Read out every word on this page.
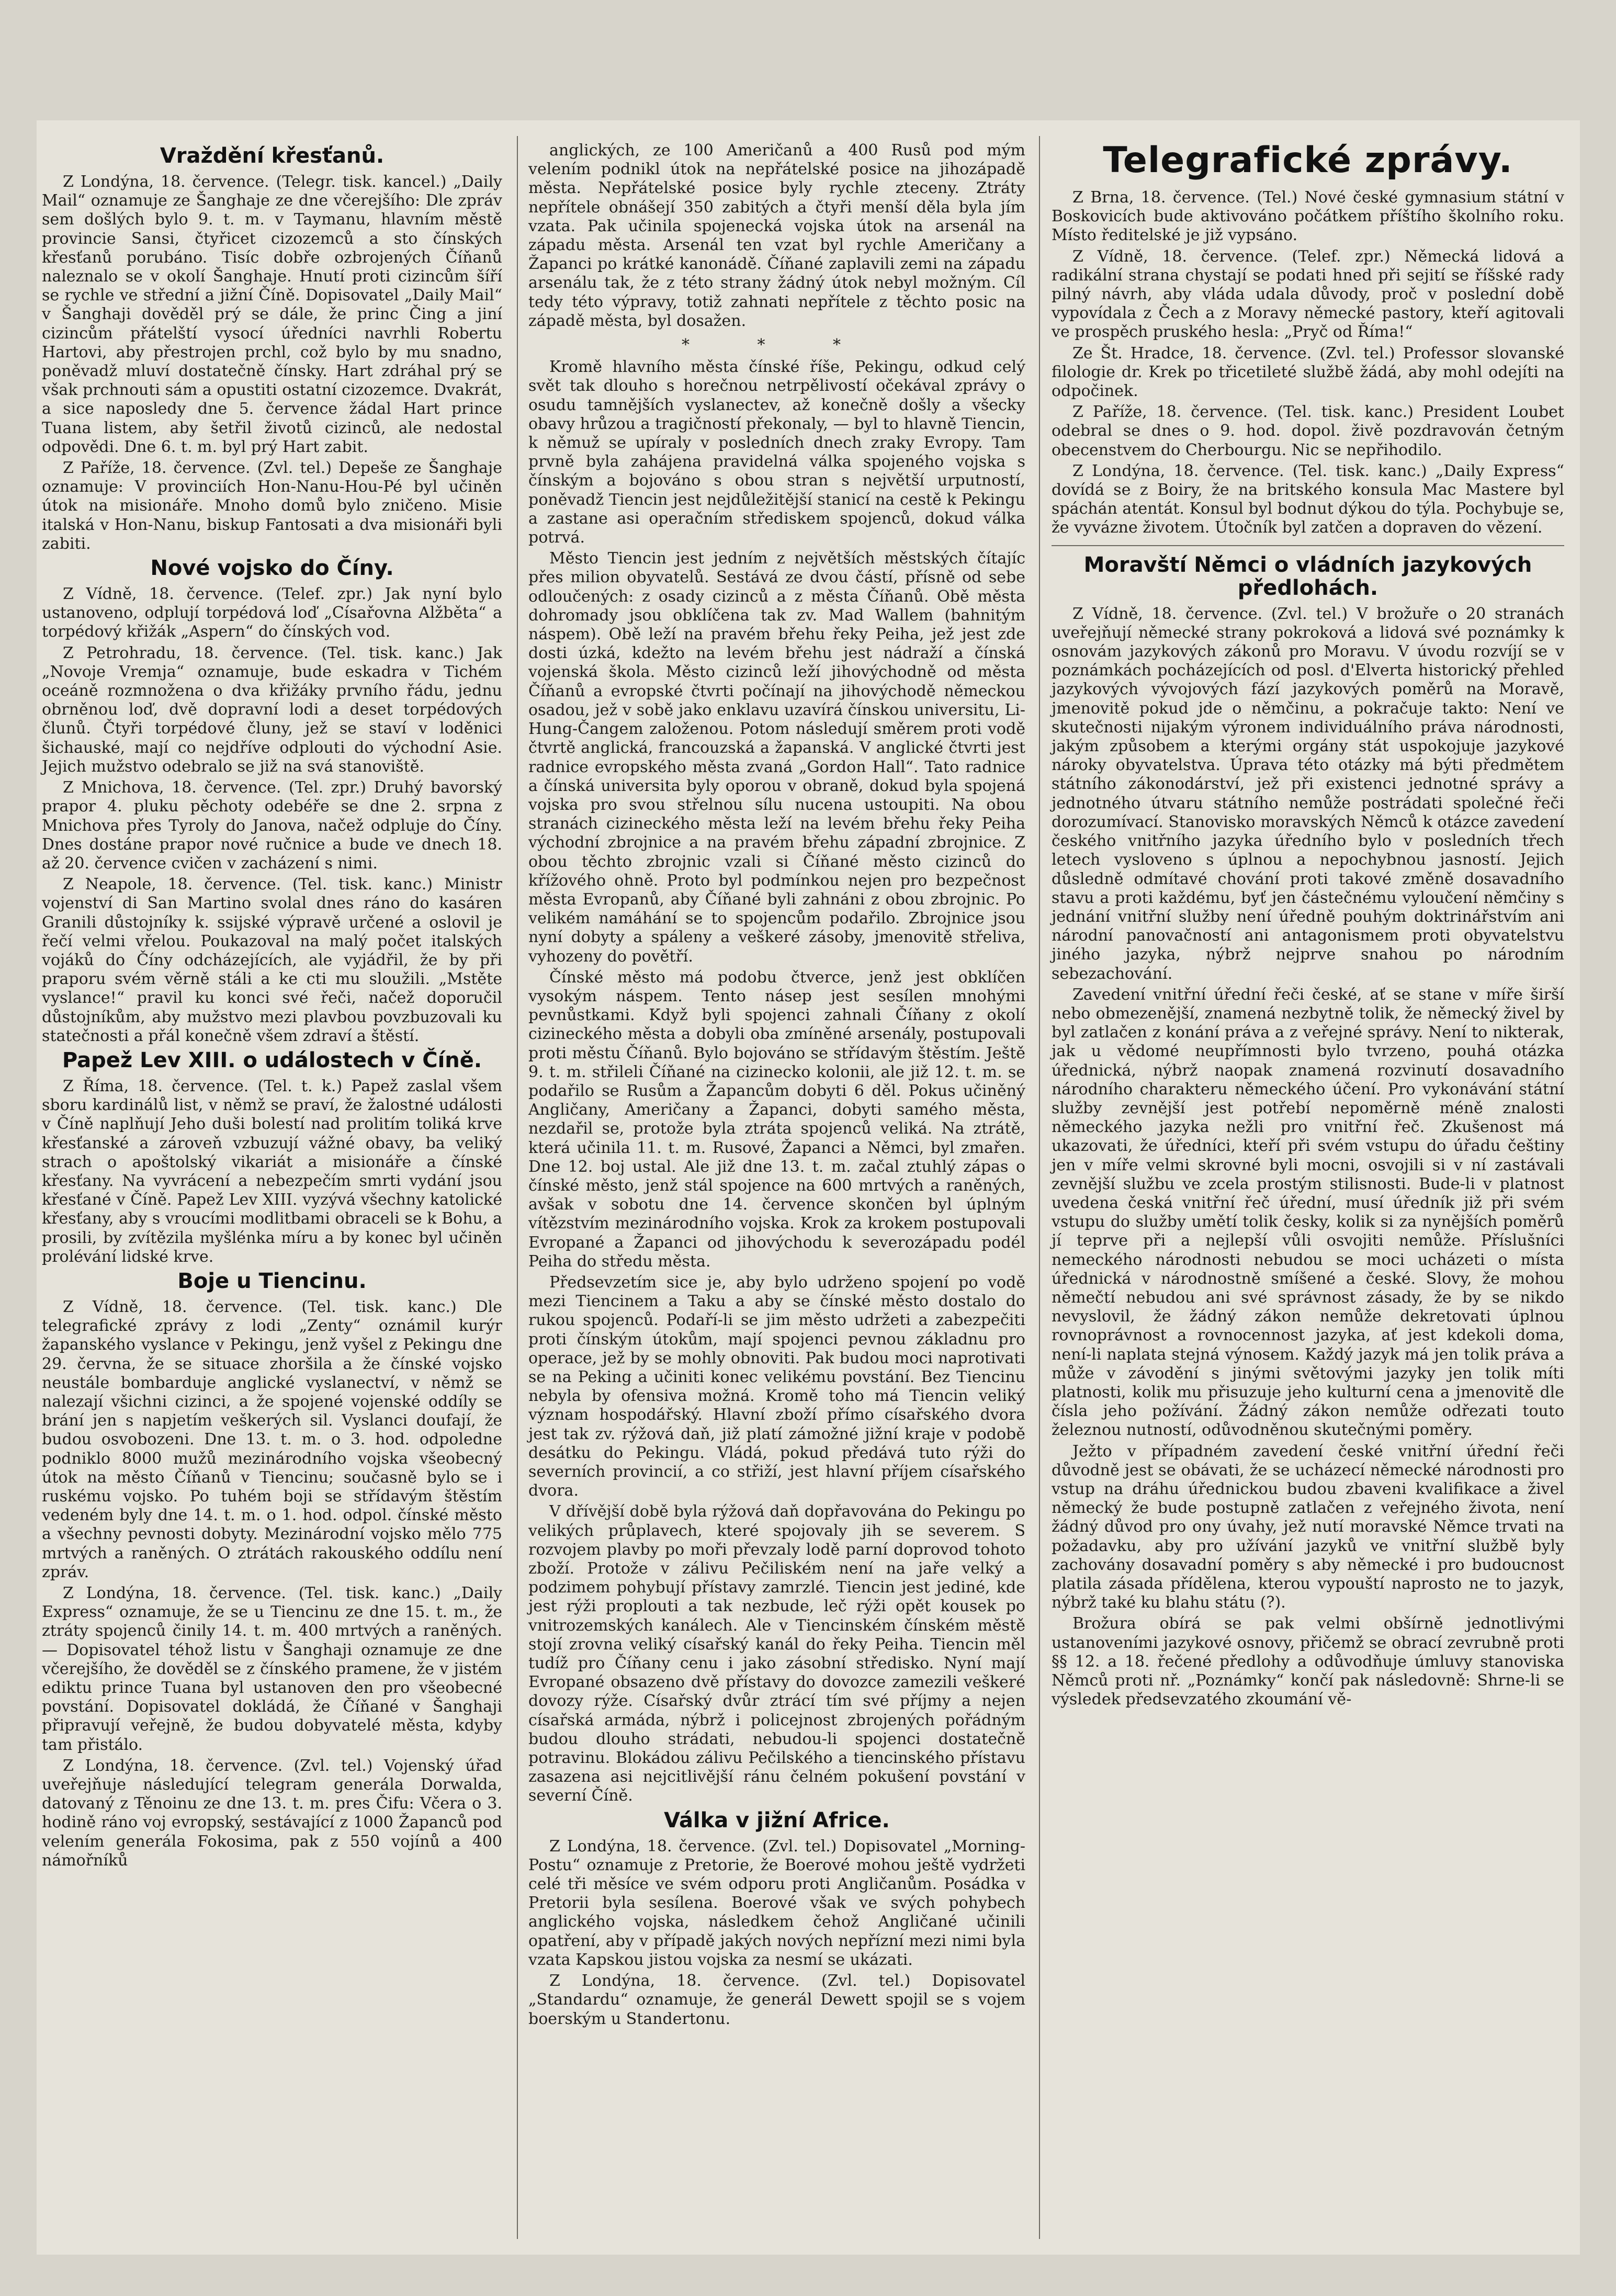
Vraždění křesťanů.

Z Londýna, 18. července. (Telegr. tisk. kancel.) „Daily Mail“ oznamuje ze Šanghaje ze dne včerejšího: Dle zpráv sem došlých bylo 9. t. m. v Taymanu, hlavním městě provincie Sansi, čtyřicet cizozemců a sto čínských křesťanů porubáno. Tisíc dobře ozbrojených Číňanů naleznalo se v okolí Šanghaje. Hnutí proti cizincům šíří se rychle ve střední a jižní Číně. Dopisovatel „Daily Mail“ v Šanghaji dověděl prý se dále, že princ Čing a jiní cizincům přátelští vysocí úředníci navrhli Robertu Hartovi, aby přestrojen prchl, což bylo by mu snadno, poněvadž mluví dostatečně čínsky. Hart zdráhal prý se však prchnouti sám a opustiti ostatní cizozemce. Dvakrát, a sice naposledy dne 5. července žádal Hart prince Tuana listem, aby šetřil životů cizinců, ale nedostal odpovědi. Dne 6. t. m. byl prý Hart zabit.

Z Paříže, 18. července. (Zvl. tel.) Depeše ze Šanghaje oznamuje: V provinciích Hon-Nanu-Hou-Pé byl učiněn útok na misionáře. Mnoho domů bylo zničeno. Misie italská v Hon-Nanu, biskup Fantosati a dva misionáři byli zabiti.

Nové vojsko do Číny.

Z Vídně, 18. července. (Telef. zpr.) Jak nyní bylo ustanoveno, odplují torpédová loď „Císařovna Alžběta“ a torpédový křižák „Aspern“ do čínských vod.

Z Petrohradu, 18. července. (Tel. tisk. kanc.) Jak „Novoje Vremja“ oznamuje, bude eskadra v Tichém oceáně rozmnožena o dva křižáky prvního řádu, jednu obrněnou loď, dvě dopravní lodi a deset torpédových člunů. Čtyři torpédové čluny, jež se staví v loděnici šichauské, mají co nejdříve odplouti do východní Asie. Jejich mužstvo odebralo se již na svá stanoviště.

Z Mnichova, 18. července. (Tel. zpr.) Druhý bavorský prapor 4. pluku pěchoty odebéře se dne 2. srpna z Mnichova přes Tyroly do Janova, načež odpluje do Číny. Dnes dostáne prapor nové ručnice a bude ve dnech 18. až 20. července cvičen v zacházení s nimi.

Z Neapole, 18. července. (Tel. tisk. kanc.) Ministr vojenství di San Martino svolal dnes ráno do kasáren Granili důstojníky k. ssijské výpravě určené a oslovil je řečí velmi vřelou. Poukazoval na malý počet italských vojáků do Číny odcházejících, ale vyjádřil, že by při praporu svém věrně stáli a ke cti mu sloužili. „Mstěte vyslance!“ pravil ku konci své řeči, načež doporučil důstojníkům, aby mužstvo mezi plavbou povzbuzovali ku statečnosti a přál konečně všem zdraví a štěstí.

Papež Lev XIII. o událostech v Číně.

Z Říma, 18. července. (Tel. t. k.) Papež zaslal všem sboru kardinálů list, v němž se praví, že žalostné události v Číně naplňují Jeho duši bolestí nad prolitím toliká krve křesťanské a zároveň vzbuzují vážné obavy, ba veliký strach o apoštolský vikariát a misionáře a čínské křesťany. Na vyvrácení a nebezpečím smrti vydání jsou křesťané v Číně. Papež Lev XIII. vyzývá všechny katolické křesťany, aby s vroucími modlitbami obraceli se k Bohu, a prosili, by zvítězila myšlénka míru a by konec byl učiněn prolévání lidské krve.

Boje u Tiencinu.

Z Vídně, 18. července. (Tel. tisk. kanc.) Dle telegrafické zprávy z lodi „Zenty“ oznámil kurýr žapanského vyslance v Pekingu, jenž vyšel z Pekingu dne 29. června, že se situace zhoršila a že čínské vojsko neustále bombarduje anglické vyslanectví, v němž se nalezají všichni cizinci, a že spojené vojenské oddíly se brání jen s napjetím veškerých sil. Vyslanci doufají, že budou osvobozeni. Dne 13. t. m. o 3. hod. odpoledne podniklo 8000 mužů mezinárodního vojska všeobecný útok na město Číňanů v Tiencinu; současně bylo se i ruskému vojsko. Po tuhém boji se střídavým štěstím vedeném byly dne 14. t. m. o 1. hod. odpol. čínské město a všechny pevnosti dobyty. Mezinárodní vojsko mělo 775 mrtvých a raněných. O ztrátách rakouského oddílu není zpráv.

Z Londýna, 18. července. (Tel. tisk. kanc.) „Daily Express“ oznamuje, že se u Tiencinu ze dne 15. t. m., že ztráty spojenců činily 14. t. m. 400 mrtvých a raněných. — Dopisovatel téhož listu v Šanghaji oznamuje ze dne včerejšího, že dověděl se z čínského pramene, že v jistém ediktu prince Tuana byl ustanoven den pro všeobecné povstání. Dopisovatel dokládá, že Číňané v Šanghaji připravují veřejně, že budou dobyvatelé města, kdyby tam přistálo.

Z Londýna, 18. července. (Zvl. tel.) Vojenský úřad uveřejňuje následující telegram generála Dorwalda, datovaný z Těnoinu ze dne 13. t. m. pres Čifu: Včera o 3. hodině ráno voj evropský, sestávající z 1000 Žapanců pod velením generála Fokosima, pak z 550 vojínů a 400 námořníků

anglických, ze 100 Američanů a 400 Rusů pod mým velením podnikl útok na nepřátelské posice na jihozápadě města. Nepřátelské posice byly rychle zteceny. Ztráty nepřítele obnášejí 350 zabitých a čtyři menší děla byla jím vzata. Pak učinila spojenecká vojska útok na arsenál na západu města. Arsenál ten vzat byl rychle Američany a Žapanci po krátké kanonádě. Číňané zaplavili zemi na západu arsenálu tak, že z této strany žádný útok nebyl možným. Cíl tedy této výpravy, totiž zahnati nepřítele z těchto posic na západě města, byl dosažen.

* * *

Kromě hlavního města čínské říše, Pekingu, odkud celý svět tak dlouho s horečnou netrpělivostí očekával zprávy o osudu tamnějších vyslanectev, až konečně došly a všecky obavy hrůzou a tragičností překonaly, — byl to hlavně Tiencin, k němuž se upíraly v posledních dnech zraky Evropy. Tam prvně byla zahájena pravidelná válka spojeného vojska s čínským a bojováno s obou stran s největší urputností, poněvadž Tiencin jest nejdůležitější stanicí na cestě k Pekingu a zastane asi operačním střediskem spojenců, dokud válka potrvá.

Město Tiencin jest jedním z největších městských čítajíc přes milion obyvatelů. Sestává ze dvou částí, přísně od sebe odloučených: z osady cizinců a z města Číňanů. Obě města dohromady jsou obklíčena tak zv. Mad Wallem (bahnitým náspem). Obě leží na pravém břehu řeky Peiha, jež jest zde dosti úzká, kdežto na levém břehu jest nádraží a čínská vojenská škola. Město cizinců leží jihovýchodně od města Číňanů a evropské čtvrti počínají na jihovýchodě německou osadou, jež v sobě jako enklavu uzavírá čínskou universitu, Li-Hung-Čangem založenou. Potom následují směrem proti vodě čtvrtě anglická, francouzská a žapanská. V anglické čtvrti jest radnice evropského města zvaná „Gordon Hall“. Tato radnice a čínská universita byly oporou v obraně, dokud byla spojená vojska pro svou střelnou sílu nucena ustoupiti. Na obou stranách cizineckého města leží na levém břehu řeky Peiha východní zbrojnice a na pravém břehu západní zbrojnice. Z obou těchto zbrojnic vzali si Číňané město cizinců do křížového ohně. Proto byl podmínkou nejen pro bezpečnost města Evropanů, aby Číňané byli zahnáni z obou zbrojnic. Po velikém namáhání se to spojencům podařilo. Zbrojnice jsou nyní dobyty a spáleny a veškeré zásoby, jmenovitě střeliva, vyhozeny do povětří.

Čínské město má podobu čtverce, jenž jest obklíčen vysokým náspem. Tento násep jest sesílen mnohými pevnůstkami. Když byli spojenci zahnali Číňany z okolí cizineckého města a dobyli oba zmíněné arsenály, postupovali proti městu Číňanů. Bylo bojováno se střídavým štěstím. Ještě 9. t. m. střileli Číňané na cizinecko kolonii, ale již 12. t. m. se podařilo se Rusům a Žapancům dobyti 6 děl. Pokus učiněný Angličany, Američany a Žapanci, dobyti samého města, nezdařil se, protože byla ztráta spojenců veliká. Na ztrátě, která učinila 11. t. m. Rusové, Žapanci a Němci, byl zmařen. Dne 12. boj ustal. Ale již dne 13. t. m. začal ztuhlý zápas o čínské město, jenž stál spojence na 600 mrtvých a raněných, avšak v sobotu dne 14. července skončen byl úplným vítězstvím mezinárodního vojska. Krok za krokem postupovali Evropané a Žapanci od jihovýchodu k severozápadu podél Peiha do středu města.

Předsevzetím sice je, aby bylo udrženo spojení po vodě mezi Tiencinem a Taku a aby se čínské město dostalo do rukou spojenců. Podaří-li se jim město udržeti a zabezpečiti proti čínským útokům, mají spojenci pevnou základnu pro operace, jež by se mohly obnoviti. Pak budou moci naprotivati se na Peking a učiniti konec velikému povstání. Bez Tiencinu nebyla by ofensiva možná. Kromě toho má Tiencin veliký význam hospodářský. Hlavní zboží přímo císařského dvora jest tak zv. rýžová daň, již platí zámožné jižní kraje v podobě desátku do Pekingu. Vládá, pokud předává tuto rýži do severních provincií, a co střiží, jest hlavní příjem císařského dvora.

V dřívější době byla rýžová daň dopřavována do Pekingu po velikých průplavech, které spojovaly jih se severem. S rozvojem plavby po moři převzaly lodě parní doprovod tohoto zboží. Protože v zálivu Pečiliském není na jaře velký a podzimem pohybují přístavy zamrzlé. Tiencin jest jediné, kde jest rýži proplouti a tak nezbude, leč rýži opět kousek po vnitrozemských kanálech. Ale v Tiencinském čínském městě stojí zrovna veliký císařský kanál do řeky Peiha. Tiencin měl tudíž pro Číňany cenu i jako zásobní středisko. Nyní mají Evropané obsazeno dvě přístavy do dovozce zamezili veškeré dovozy rýže. Císařský dvůr ztrácí tím své příjmy a nejen císařská armáda, nýbrž i policejnost zbrojených pořádným budou dlouho strádati, nebudou-li spojenci dostatečně potravinu. Blokádou zálivu Pečilského a tiencinského přístavu zasazena asi nejcitlivější ránu čelném pokušení povstání v severní Číně.

Válka v jižní Africe.

Z Londýna, 18. července. (Zvl. tel.) Dopisovatel „Morning-Postu“ oznamuje z Pretorie, že Boerové mohou ještě vydržeti celé tři měsíce ve svém odporu proti Angličanům. Posádka v Pretorii byla sesílena. Boerové však ve svých pohybech anglického vojska, následkem čehož Angličané učinili opatření, aby v případě jakých nových nepřízní mezi nimi byla vzata Kapskou jistou vojska za nesmí se ukázati.

Z Londýna, 18. července. (Zvl. tel.) Dopisovatel „Standardu“ oznamuje, že generál Dewett spojil se s vojem boerským u Standertonu.

Telegrafické zprávy.

Z Brna, 18. července. (Tel.) Nové české gymnasium státní v Boskovicích bude aktivováno počátkem příštího školního roku. Místo ředitelské je již vypsáno.

Z Vídně, 18. července. (Telef. zpr.) Německá lidová a radikální strana chystají se podati hned při sejití se říšské rady pilný návrh, aby vláda udala důvody, proč v poslední době vypovídala z Čech a z Moravy německé pastory, kteří agitovali ve prospěch pruského hesla: „Pryč od Říma!“

Ze Št. Hradce, 18. července. (Zvl. tel.) Professor slovanské filologie dr. Krek po třicetileté službě žádá, aby mohl odejíti na odpočinek.

Z Paříže, 18. července. (Tel. tisk. kanc.) President Loubet odebral se dnes o 9. hod. dopol. živě pozdravován četným obecenstvem do Cherbourgu. Nic se nepřihodilo.

Z Londýna, 18. července. (Tel. tisk. kanc.) „Daily Express“ dovídá se z Boiry, že na britského konsula Mac Mastere byl spáchán atentát. Konsul byl bodnut dýkou do týla. Pochybuje se, že vyvázne životem. Útočník byl zatčen a dopraven do vězení.

Moravští Němci o vládních jazykových předlohách.

Z Vídně, 18. července. (Zvl. tel.) V brožuře o 20 stranách uveřejňují německé strany pokroková a lidová své poznámky k osnovám jazykových zákonů pro Moravu. V úvodu rozvíjí se v poznámkách pocházejících od posl. d'Elverta historický přehled jazykových vývojových fází jazykových poměrů na Moravě, jmenovitě pokud jde o němčinu, a pokračuje takto: Není ve skutečnosti nijakým výronem individuálního práva národnosti, jakým způsobem a kterými orgány stát uspokojuje jazykové nároky obyvatelstva. Úprava této otázky má býti předmětem státního zákonodárství, jež při existenci jednotné správy a jednotného útvaru státního nemůže postrádati společné řeči dorozumívací. Stanovisko moravských Němců k otázce zavedení českého vnitřního jazyka úředního bylo v posledních třech letech vysloveno s úplnou a nepochybnou jasností. Jejich důsledně odmítavé chování proti takové změně dosavadního stavu a proti každému, byť jen částečnému vyloučení němčiny s jednání vnitřní služby není úředně pouhým doktrinářstvím ani národní panovačností ani antagonismem proti obyvatelstvu jiného jazyka, nýbrž nejprve snahou po národním sebezachování.

Zavedení vnitřní úřední řeči české, ať se stane v míře širší nebo obmezenější, znamená nezbytně tolik, že německý živel by byl zatlačen z konání práva a z veřejné správy. Není to nikterak, jak u vědomé neupřímnosti bylo tvrzeno, pouhá otázka úřednická, nýbrž naopak znamená rozvinutí dosavadního národního charakteru německého účení. Pro vykonávání státní služby zevnější jest potřebí nepoměrně méně znalosti německého jazyka nežli pro vnitřní řeč. Zkušenost má ukazovati, že úředníci, kteří při svém vstupu do úřadu češtiny jen v míře velmi skrovné byli mocni, osvojili si v ní zastávali zevnější službu ve zcela prostým stilisnosti. Bude-li v platnost uvedena česká vnitřní řeč úřední, musí úředník již při svém vstupu do služby umětí tolik česky, kolik si za nynějších poměrů jí teprve při a nejlepší vůli osvojiti nemůže. Příslušníci nemeckého národnosti nebudou se moci ucházeti o místa úřednická v národnostně smíšené a české. Slovy, že mohou němečtí nebudou ani své správnost zásady, že by se nikdo nevyslovil, že žádný zákon nemůže dekretovati úplnou rovnoprávnost a rovnocennost jazyka, ať jest kdekoli doma, není-li naplata stejná výnosem. Každý jazyk má jen tolik práva a může v závodění s jinými světovými jazyky jen tolik míti platnosti, kolik mu přisuzuje jeho kulturní cena a jmenovitě dle čísla jeho požívání. Žádný zákon nemůže odřezati touto železnou nutností, odůvodněnou skutečnými poměry.

Ježto v případném zavedení české vnitřní úřední řeči důvodně jest se obávati, že se ucházecí německé národnosti pro vstup na dráhu úřednickou budou zbaveni kvalifikace a živel německý že bude postupně zatlačen z veřejného života, není žádný důvod pro ony úvahy, jež nutí moravské Němce trvati na požadavku, aby pro užívání jazyků ve vnitřní službě byly zachovány dosavadní poměry s aby německé i pro budoucnost platila zásada přídělena, kterou vypouští naprosto ne to jazyk, nýbrž také ku blahu státu (?).

Brožura obírá se pak velmi obšírně jednotlivými ustanoveními jazykové osnovy, přičemž se obrací zevrubně proti §§ 12. a 18. řečené předlohy a odůvodňuje úmluvy stanoviska Němců proti nř. „Poznámky“ končí pak následovně: Shrne-li se výsledek předsevzatého zkoumání vě-
